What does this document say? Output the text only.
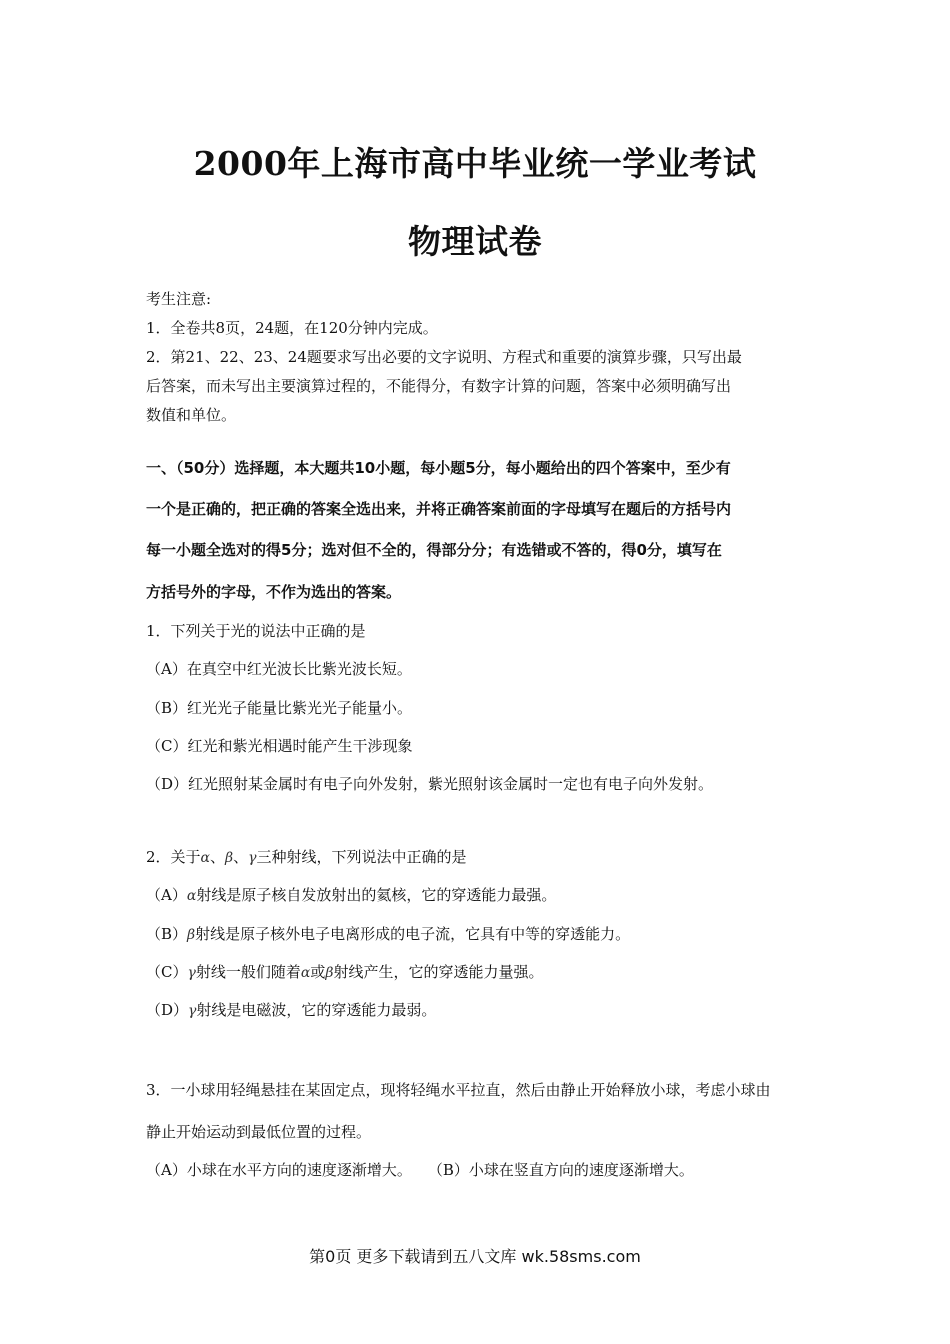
2000年上海市高中毕业统一学业考试
物理试卷
考生注意:
1．全卷共8页，24题，在120分钟内完成。
2．第21、22、23、24题要求写出必要的文字说明、方程式和重要的演算步骤，只写出最
后答案，而未写出主要演算过程的，不能得分，有数字计算的问题，答案中必须明确写出
数值和单位。
一、（50分）选择题，本大题共10小题，每小题5分，每小题给出的四个答案中，至少有
一个是正确的，把正确的答案全选出来，并将正确答案前面的字母填写在题后的方括号内
每一小题全选对的得5分；选对但不全的，得部分分；有选错或不答的，得0分，填写在
方括号外的字母，不作为选出的答案。
1．下列关于光的说法中正确的是
（A）在真空中红光波长比紫光波长短。
（B）红光光子能量比紫光光子能量小。
（C）红光和紫光相遇时能产生干涉现象
（D）红光照射某金属时有电子向外发射，紫光照射该金属时一定也有电子向外发射。
2．关于α、β、γ三种射线，下列说法中正确的是
（A）α射线是原子核自发放射出的氦核，它的穿透能力最强。
（B）β射线是原子核外电子电离形成的电子流，它具有中等的穿透能力。
（C）γ射线一般们随着α或β射线产生，它的穿透能力量强。
（D）γ射线是电磁波，它的穿透能力最弱。
3．一小球用轻绳悬挂在某固定点，现将轻绳水平拉直，然后由静止开始释放小球，考虑小球由
静止开始运动到最低位置的过程。
（A）小球在水平方向的速度逐渐增大。 （B）小球在竖直方向的速度逐渐增大。
第0页 更多下载请到五八文库 wk.58sms.com
